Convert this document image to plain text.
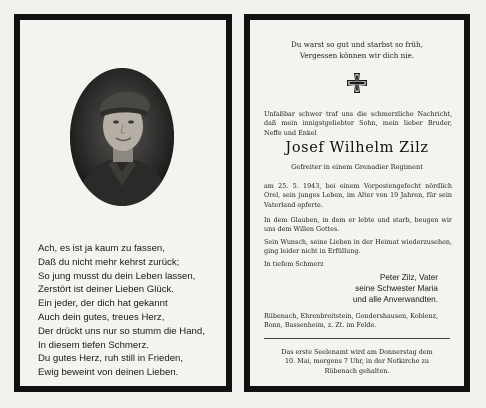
Ach, es ist ja kaum zu fassen,
Daß du nicht mehr kehrst zurück;
So jung musst du dein Leben lassen,
Zerstört ist deiner Lieben Glück.
Ein jeder, der dich hat gekannt
Auch dein gutes, treues Herz,
Der drückt uns nur so stumm die Hand,
In diesem tiefen Schmerz.
Du gutes Herz, ruh still in Frieden,
Ewig beweint von deinen Lieben.
Du warst so gut und starbst so früh,
Vergessen können wir dich nie.
Unfaßbar schwer traf uns die schmerzliche Nachricht, daß mein innigstgeliebter Sohn, mein lieber Bruder, Neffe und Enkel
Josef Wilhelm Zilz
Gefreiter in einem Grenadier Regiment
am 25. 5. 1943, bei einem Vorpostengefecht nördlich Orel, sein junges Leben, im Alter von 19 Jahren, für sein Vaterland opferte.
In dem Glauben, in dem er lebte und starb, beugen wir uns dem Willen Gottes.
Sein Wunsch, seine Lieben in der Heimat wiederzusehen, ging leider nicht in Erfüllung.
In tiefem Schmerz
Peter Zilz, Vater
seine Schwester Maria
und alle Anverwandten.
Rübenach, Ehrenbreitstein, Gondershausen, Koblenz, Bonn, Bassenheim, z. Zt. im Felde.
Das erste Seelenamt wird am Donnerstag dem
10. Mai, morgens 7 Uhr, in der Notkirche zu
Rübenach gehalten.
